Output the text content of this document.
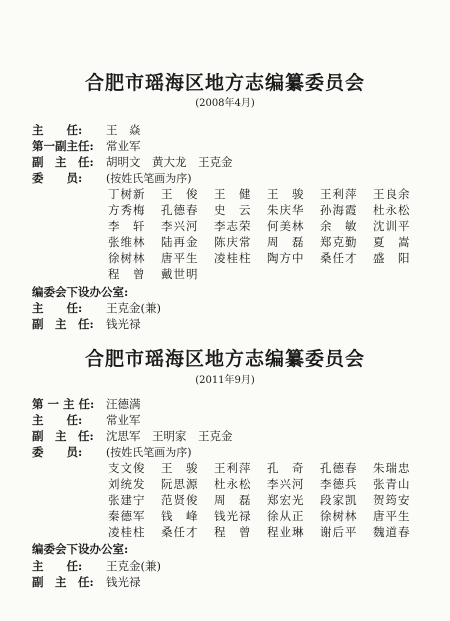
合肥市瑶海区地方志编纂委员会
(2008年4月)
主　　任: 王　焱
第一副主任: 常业军
副　主　任: 胡明文　黄大龙　王克金
委　　员: (按姓氏笔画为序)
丁树新 王　俊 王　健 王　骏 王利萍 王良余
方秀梅 孔德春 史　云 朱庆华 孙海霞 杜永松
李　轩 李兴河 李志荣 何美林 余　敏 沈训平
张维林 陆再金 陈庆常 周　磊 郑克勤 夏　嵩
徐树林 唐平生 凌桂柱 陶方中 桑任才 盛　阳
程　曾 戴世明
编委会下设办公室:
主　　任: 王克金(兼)
副　主　任: 钱光禄
合肥市瑶海区地方志编纂委员会
(2011年9月)
第 一 主 任: 汪德满
主　　任: 常业军
副　主　任: 沈思军　王明家　王克金
委　　员: (按姓氏笔画为序)
支文俊 王　骏 王利萍 孔　奇 孔德春 朱瑞忠
刘统发 阮思源 杜永松 李兴河 李德兵 张青山
张建宁 范贤俊 周　磊 郑宏光 段家凯 贺筠安
秦德军 钱　峰 钱光禄 徐从正 徐树林 唐平生
凌桂柱 桑任才 程　曾 程业琳 谢后平 魏道春
编委会下设办公室:
主　　任: 王克金(兼)
副　主　任: 钱光禄
